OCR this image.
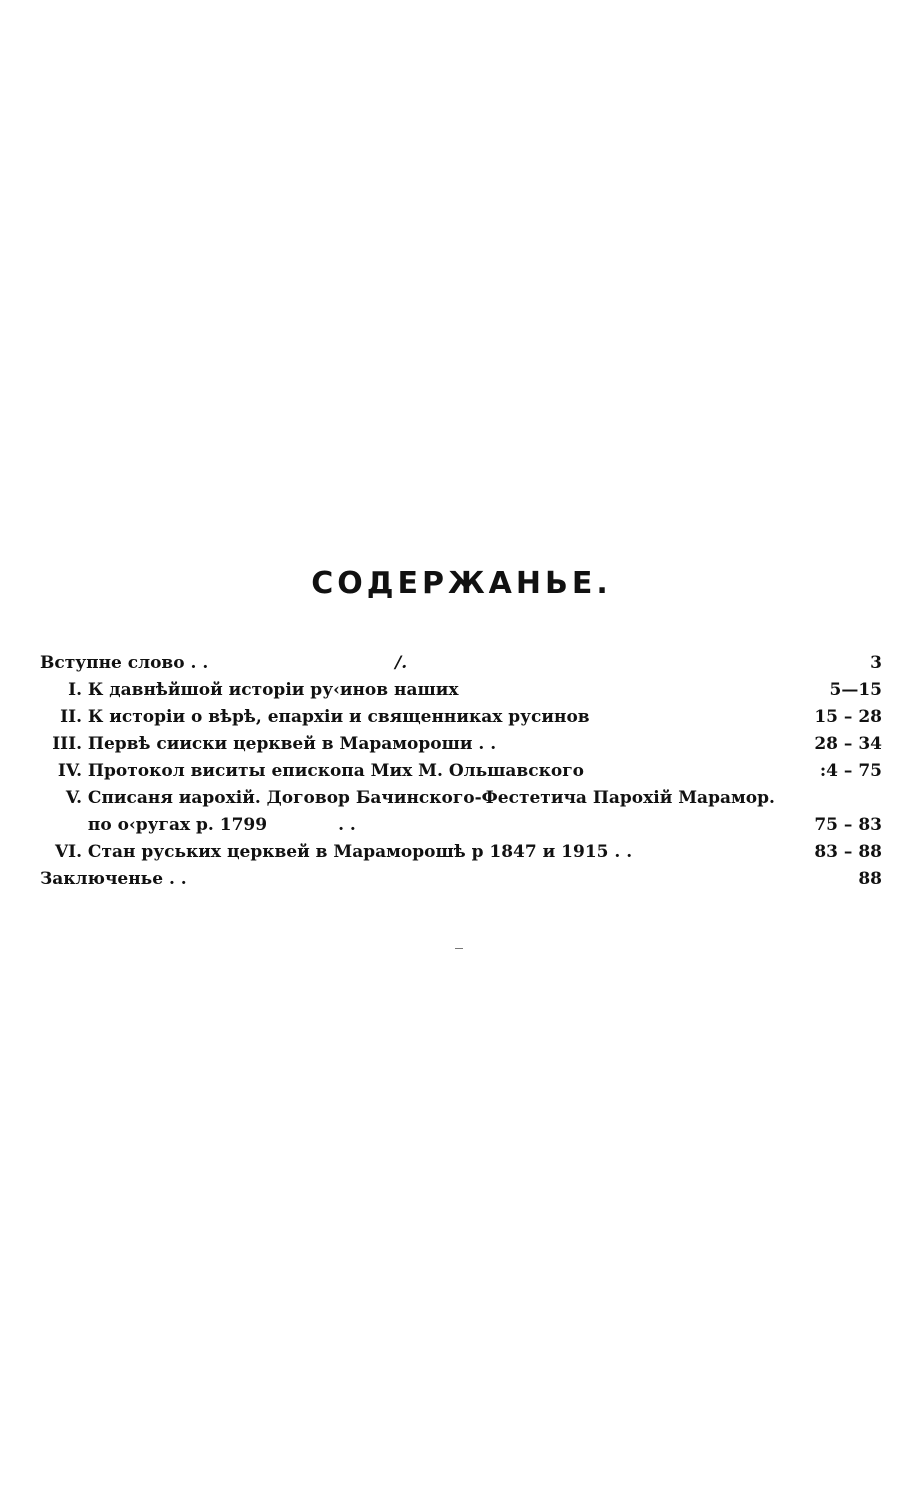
СОДЕРЖАНЬЕ.
Вступне слово . .	/.	3
I. К давнѣйшой исторіи ру‹инов наших	5—15
II. К исторіи о вѣрѣ, епархіи и священниках русинов	15 – 28
III. Первѣ сииски церквей в Марамороши . .	28 – 34
IV. Протокол виситы епископа Мих М. Ольшавского	:4 – 75
V. Списаня иарохій. Договор Бачинского-Фестетича Парохій Марамор.
по о‹ругах р. 1799            . .	75 – 83
VI. Стан руських церквей в Мараморошѣ р 1847 и 1915 . .	83 – 88
Заключенье . .	88
